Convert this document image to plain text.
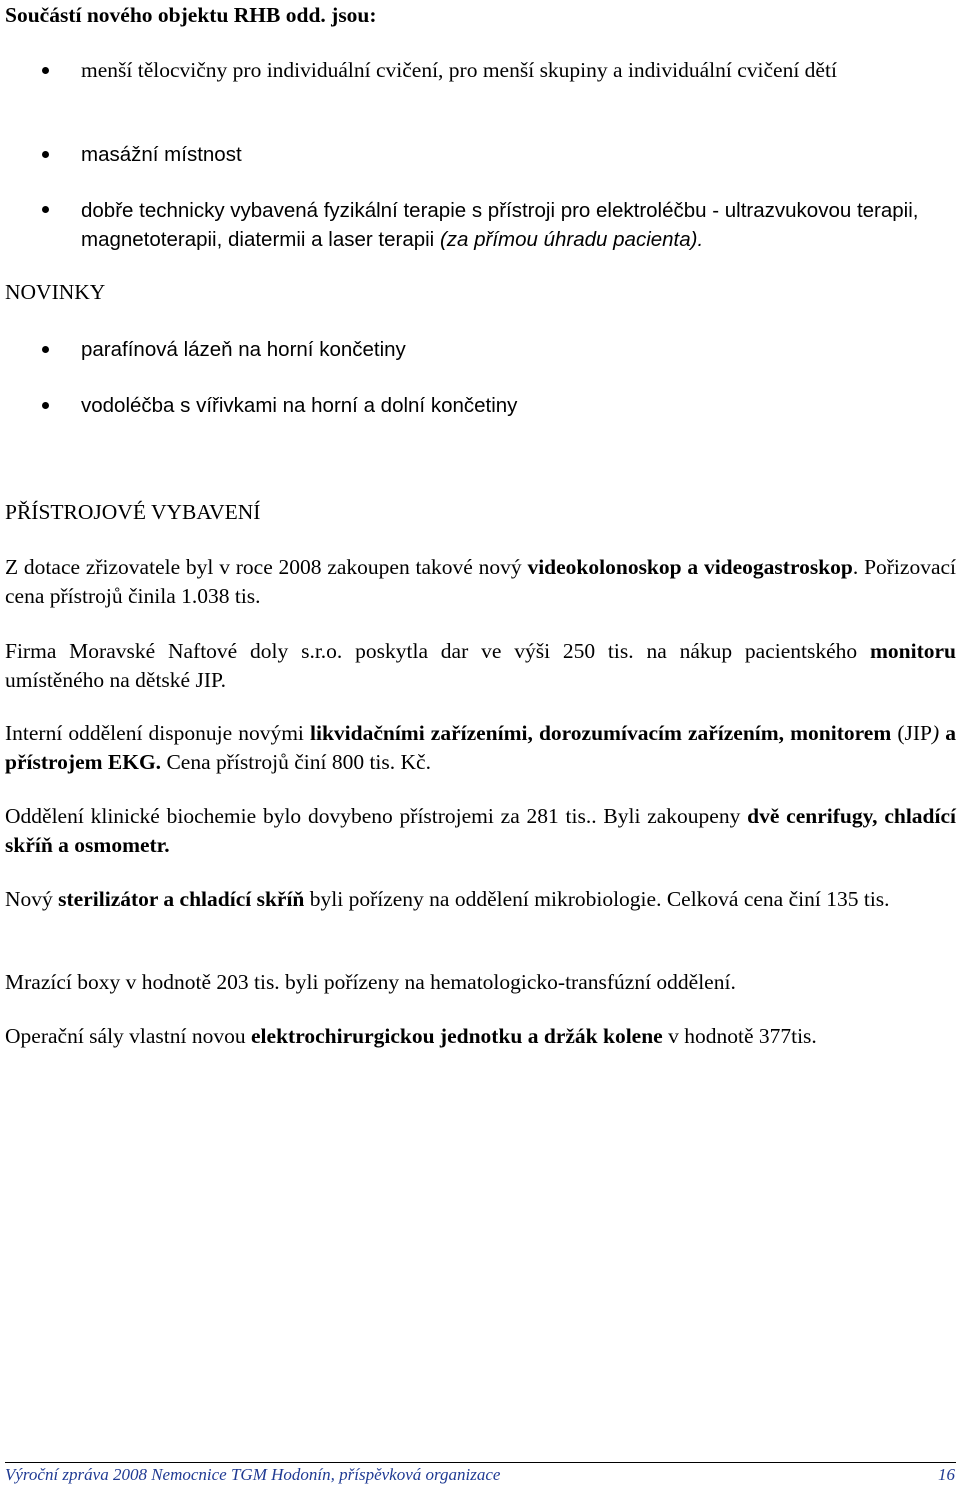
Součástí nového objektu RHB odd. jsou:
menší tělocvičny pro individuální cvičení, pro menší skupiny a individuální cvičení dětí
masážní místnost
dobře technicky vybavená fyzikální terapie s přístroji pro elektroléčbu - ultrazvukovou terapii, magnetoterapii, diatermii a laser terapii (za přímou úhradu pacienta).
NOVINKY
parafínová lázeň na horní končetiny
vodoléčba s vířivkami na horní a dolní končetiny
PŘÍSTROJOVÉ VYBAVENÍ
Z dotace zřizovatele byl v roce 2008 zakoupen takové nový videokolonoskop a videogastroskop. Pořizovací cena přístrojů činila 1.038 tis.
Firma Moravské Naftové doly s.r.o. poskytla dar ve výši 250 tis. na nákup pacientského monitoru umístěného na dětské JIP.
Interní oddělení disponuje novými likvidačními zařízeními, dorozumívacím zařízením, monitorem (JIP) a přístrojem EKG. Cena přístrojů činí 800 tis. Kč.
Oddělení klinické biochemie bylo dovybeno přístrojemi za 281 tis.. Byli zakoupeny dvě cenrifugy, chladící skříň a osmometr.
Nový sterilizátor a chladící skříň byli pořízeny na oddělení mikrobiologie. Celková cena činí 135 tis.
Mrazící boxy v hodnotě 203 tis. byli pořízeny na hematologicko-transfúzní oddělení.
Operační sály vlastní novou elektrochirurgickou jednotku a držák kolene v hodnotě 377tis.
Výroční zpráva 2008 Nemocnice TGM Hodonín, příspěvková organizace	16
